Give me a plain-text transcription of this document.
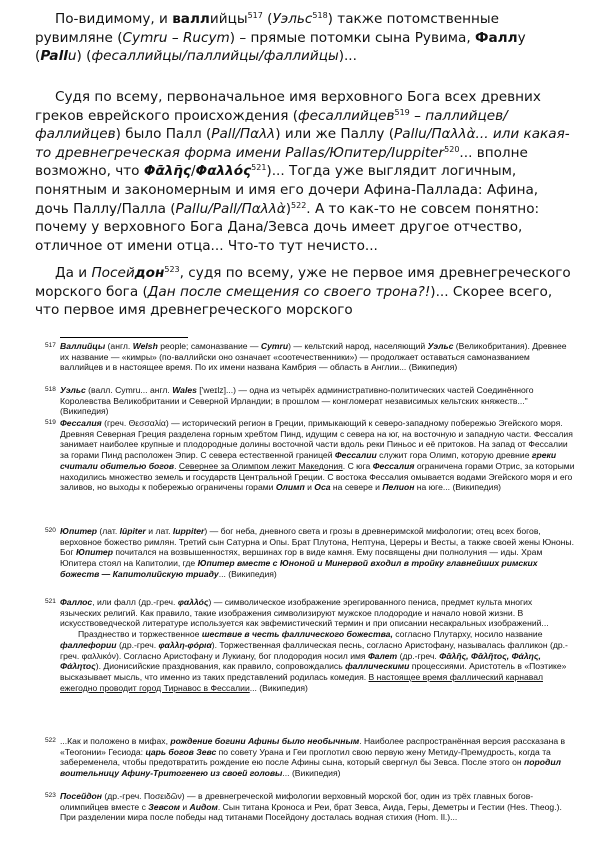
По-видимому, и валлийцы$^{517}$ (Уэльс$^{518}$) также потомственные рувимляне (Cymru – Rucym) – прямые потомки сына Рувима, Фаллу (Pallu) (фесаллийцы/паллийцы/фаллийцы)...

Судя по всему, первоначальное имя верховного Бога всех древних греков еврейского происхождения (фесаллийцев$^{519}$ – паллийцев/фаллийцев) было Палл (Pall/Παλλ) или же Паллу (Pallu/Παλλὰ... или какая-то древнегреческая форма имени Pallas/Юпитер/Iuppiter$^{520}$... вполне возможно, что Φᾱλῆς/Φαλλός$^{521}$)... Тогда уже выглядит логичным, понятным и закономерным и имя его дочери Афина-Паллада: Афина, дочь Паллу/Палла (Pallu/Pall/Παλλὰ)$^{522}$. А то как-то не совсем понятно: почему у верховного Бога Дана/Зевса дочь имеет другое отчество, отличное от имени отца... Что-то тут нечисто...

Да и Посейдон$^{523}$, судя по всему, уже не первое имя древнегреческого морского бога (Дан после смещения со своего трона?!)... Скорее всего, что первое имя древнегреческого морского

517 Валлийцы (англ. Welsh people; самоназвание — Cymru) — кельтский народ, населяющий Уэльс (Великобритания). Древнее их название — «кимры» (по-валлийски оно означает «соотечественники») — продолжает оставаться самоназванием валлийцев и в настоящее время. По их имени названа Камбрия — область в Англии... (Википедия)
518 Уэльс (валл. Cymru... англ. Wales ['weɪlz]...) — одна из четырёх административно-политических частей Соединённого Королевства Великобритании и Северной Ирландии; в прошлом — конгломерат независимых кельтских княжеств..." (Википедия)
519 Фессалия (греч. Θεσσαλία) — исторический регион в Греции, примыкающий к северо-западному побережью Эгейского моря. Древняя Северная Греция разделена горным хребтом Пинд, идущим с севера на юг, на восточную и западную части. Фессалия занимает наиболее крупные и плодородные долины восточной части вдоль реки Пиньос и её притоков. На запад от Фессалии за горами Пинд расположен Эпир. С севера естественной границей Фессалии служит гора Олимп, которую древние греки считали обителью богов. Севернее за Олимпом лежит Македония. С юга Фессалия ограничена горами Отрис, за которыми находились множество земель и государств Центральной Греции. С востока Фессалия омывается водами Эгейского моря и его заливов, но выходы к побережью ограничены горами Олимп и Оса на севере и Пелион на юге... (Википедия)
520 Юпитер (лат. Iūpiter и лат. Iuppiter) — бог неба, дневного света и грозы в древнеримской мифологии; отец всех богов, верховное божество римлян. Третий сын Сатурна и Опы. Брат Плутона, Нептуна, Цереры и Весты, а также своей жены Юноны. Бог Юпитер почитался на возвышенностях, вершинах гор в виде камня. Ему посвящены дни полнолуния — иды. Храм Юпитера стоял на Капитолии, где Юпитер вместе с Юноной и Минервой входил в тройку главнейших римских божеств — Капитолийскую триаду... (Википедия)
521 Фаллос, или фалл (др.-греч. φαλλός) — символическое изображение эрегированного пениса, предмет культа многих языческих религий. Как правило, такие изображения символизируют мужское плодородие и начало новой жизни. В искусствоведческой литературе используется как эвфемистический термин и при описании несакральных изображений...
Празднество и торжественное шествие в честь фаллического божества, согласно Плутарху, носило название фаллефории (др.-греч. φαλλη-φόρια). Торжественная фаллическая песнь, согласно Аристофану, называлась фалликон (др.-греч. φαλλικόν). Согласно Аристофану и Лукиану, бог плодородия носил имя Фалет (др.-греч. Φᾱλῆς, Φᾱλῆτος, Φάλης, Φάλητος). Дионисийские празднования, как правило, сопровождались фаллическими процессиями. Аристотель в «Поэтике» высказывает мысль, что именно из таких представлений родилась комедия. В настоящее время фаллический карнавал ежегодно проводит город Тирнавос в Фессалии... (Википедия)
522 ...Как и положено в мифах, рождение богини Афины было необычным. Наиболее распространённая версия рассказана в «Теогонии» Гесиода: царь богов Зевс по совету Урана и Геи проглотил свою первую жену Метиду-Премудрость, когда та забеременела, чтобы предотвратить рождение ею после Афины сына, который свергнул бы Зевса. После этого он породил воительницу Афину-Тритогенею из своей головы... (Википедия)
523 Посейдон (др.-греч. Ποσειδῶν) — в древнегреческой мифологии верховный морской бог, один из трёх главных богов-олимпийцев вместе с Зевсом и Аидом. Сын титана Кроноса и Реи, брат Зевса, Аида, Геры, Деметры и Гестии (Hes. Theog.). При разделении мира после победы над титанами Посейдону досталась водная стихия (Hom. Il.)...
